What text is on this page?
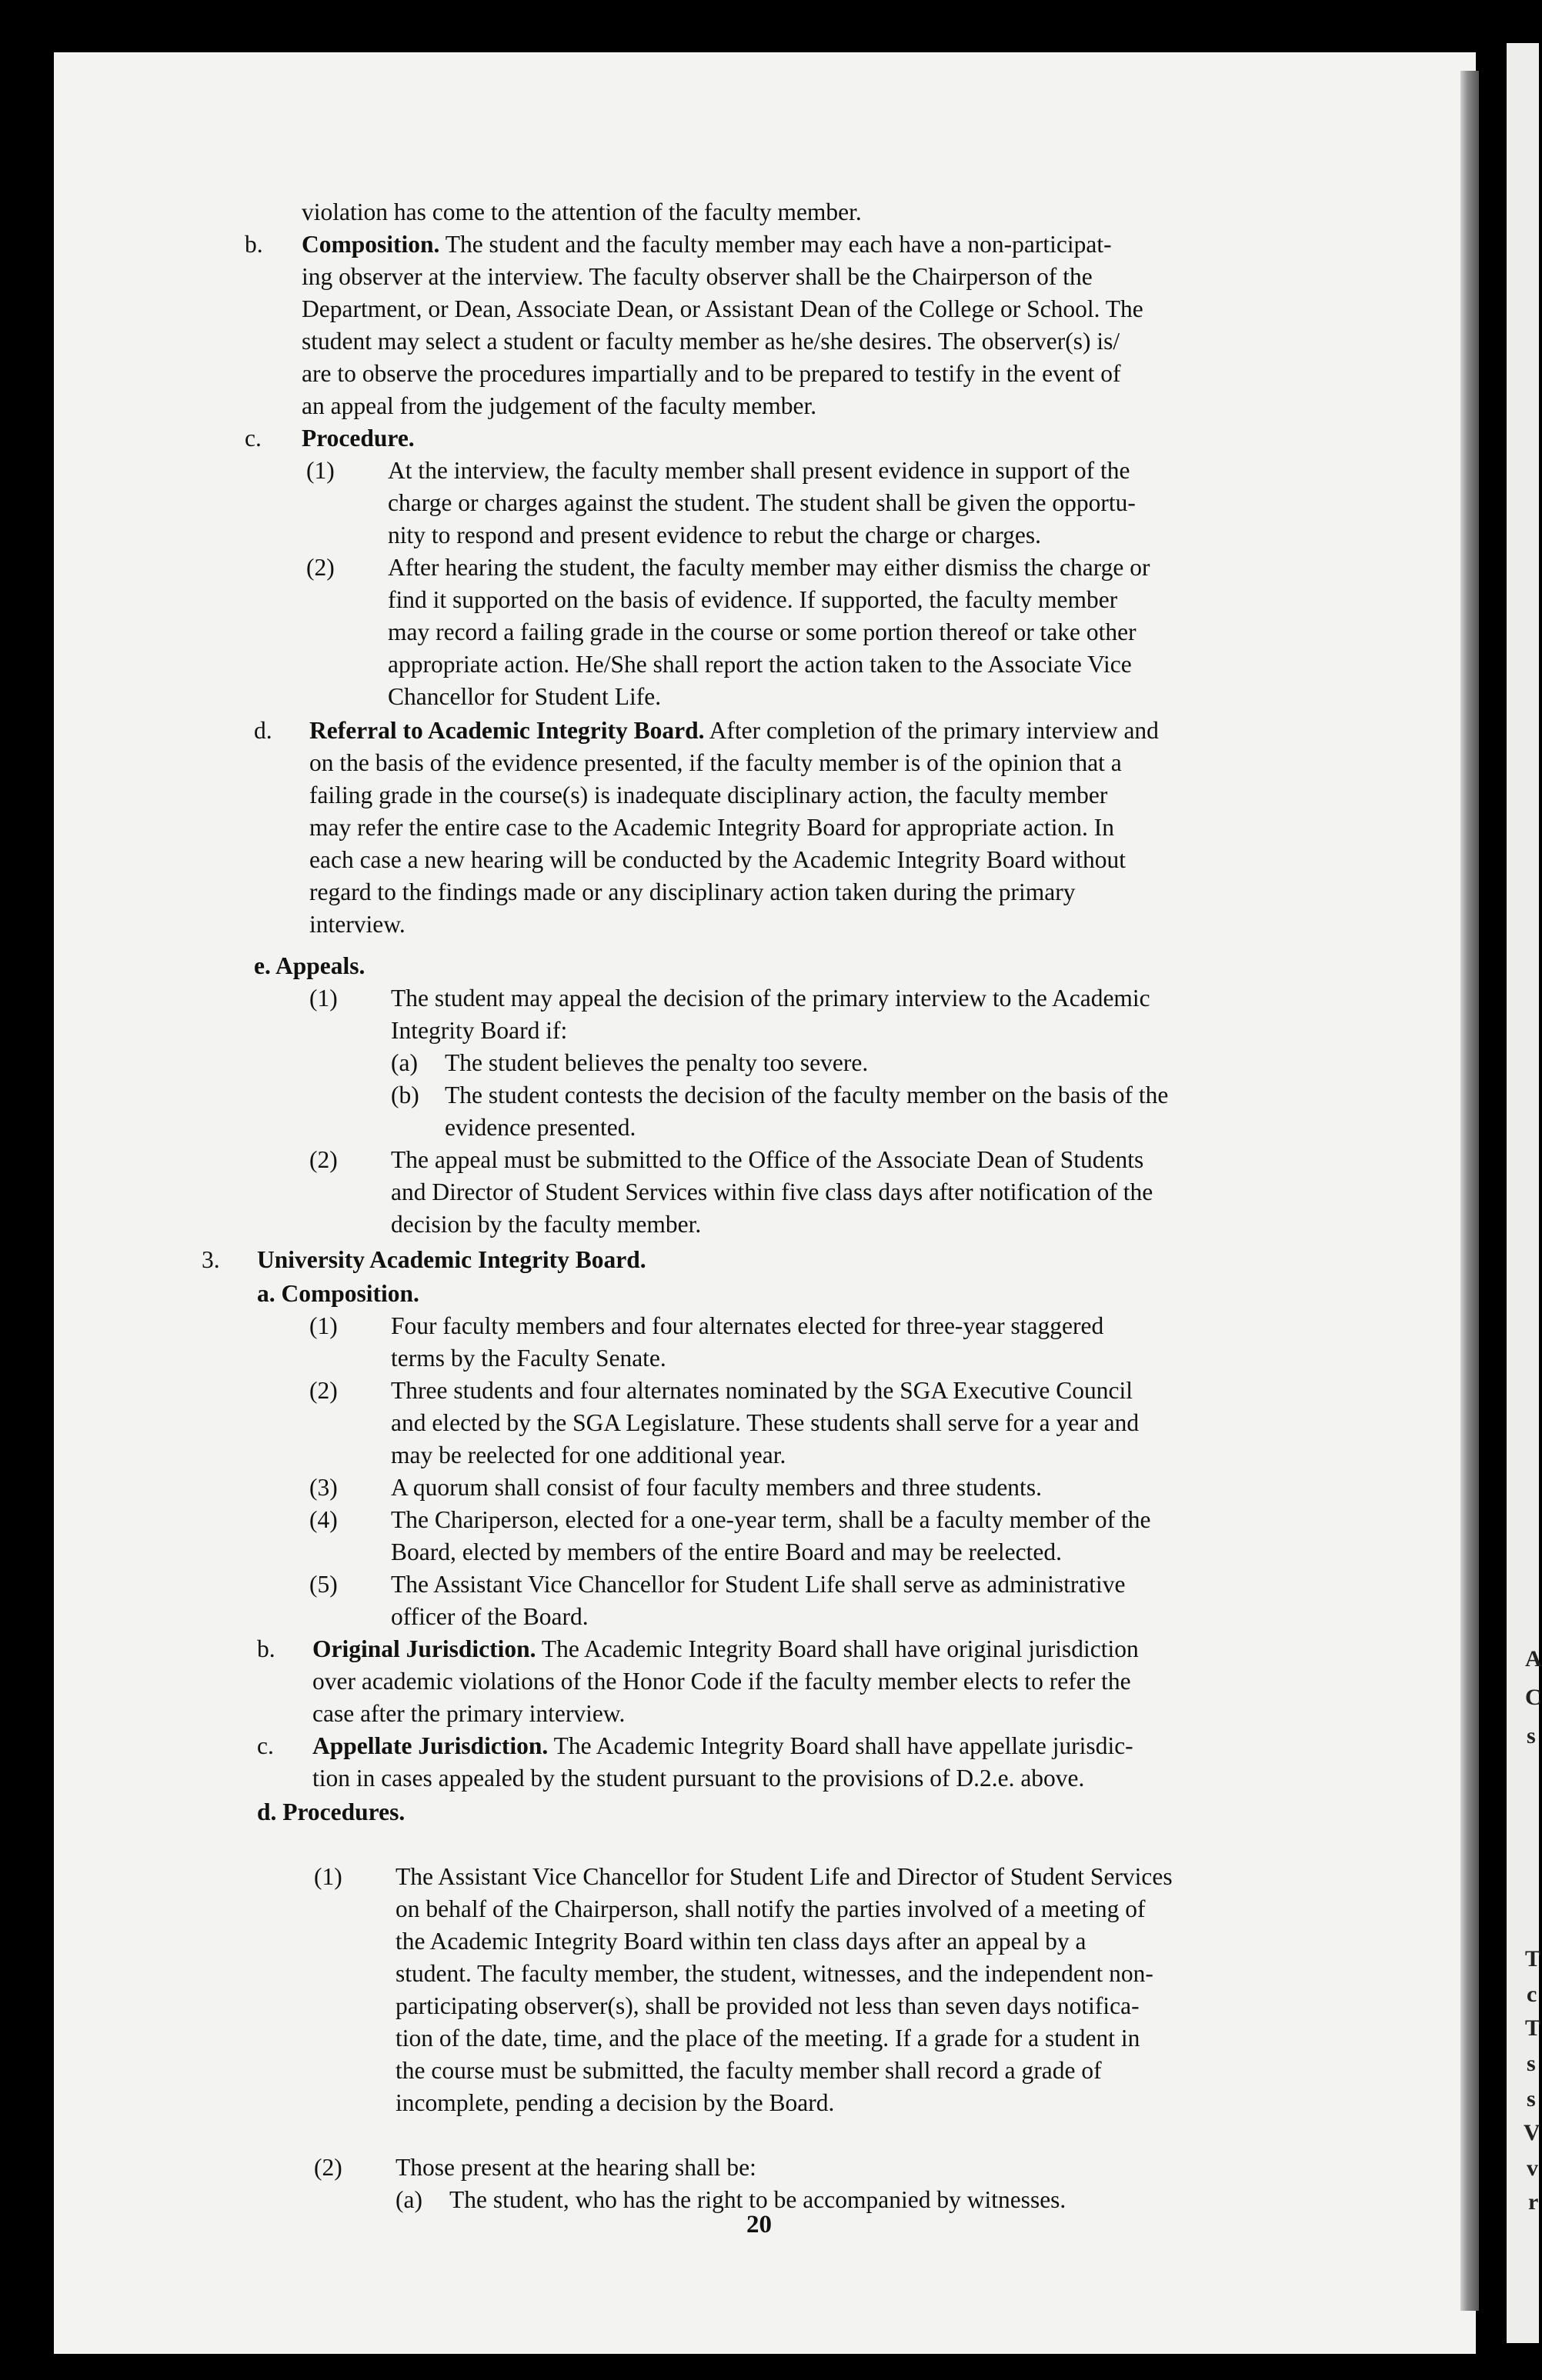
violation has come to the attention of the faculty member.
b. Composition. The student and the faculty member may each have a non-participat-
ing observer at the interview. The faculty observer shall be the Chairperson of the
Department, or Dean, Associate Dean, or Assistant Dean of the College or School. The
student may select a student or faculty member as he/she desires. The observer(s) is/
are to observe the procedures impartially and to be prepared to testify in the event of
an appeal from the judgement of the faculty member.
c. Procedure.
(1) At the interview, the faculty member shall present evidence in support of the
charge or charges against the student. The student shall be given the opportu-
nity to respond and present evidence to rebut the charge or charges.
(2) After hearing the student, the faculty member may either dismiss the charge or
find it supported on the basis of evidence. If supported, the faculty member
may record a failing grade in the course or some portion thereof or take other
appropriate action. He/She shall report the action taken to the Associate Vice
Chancellor for Student Life.
d. Referral to Academic Integrity Board. After completion of the primary interview and
on the basis of the evidence presented, if the faculty member is of the opinion that a
failing grade in the course(s) is inadequate disciplinary action, the faculty member
may refer the entire case to the Academic Integrity Board for appropriate action. In
each case a new hearing will be conducted by the Academic Integrity Board without
regard to the findings made or any disciplinary action taken during the primary
interview.
e. Appeals.
(1) The student may appeal the decision of the primary interview to the Academic
Integrity Board if:
(a) The student believes the penalty too severe.
(b) The student contests the decision of the faculty member on the basis of the
evidence presented.
(2) The appeal must be submitted to the Office of the Associate Dean of Students
and Director of Student Services within five class days after notification of the
decision by the faculty member.
3. University Academic Integrity Board.
a. Composition.
(1) Four faculty members and four alternates elected for three-year staggered
terms by the Faculty Senate.
(2) Three students and four alternates nominated by the SGA Executive Council
and elected by the SGA Legislature. These students shall serve for a year and
may be reelected for one additional year.
(3) A quorum shall consist of four faculty members and three students.
(4) The Chariperson, elected for a one-year term, shall be a faculty member of the
Board, elected by members of the entire Board and may be reelected.
(5) The Assistant Vice Chancellor for Student Life shall serve as administrative
officer of the Board.
b. Original Jurisdiction. The Academic Integrity Board shall have original jurisdiction
over academic violations of the Honor Code if the faculty member elects to refer the
case after the primary interview.
c. Appellate Jurisdiction. The Academic Integrity Board shall have appellate jurisdic-
tion in cases appealed by the student pursuant to the provisions of D.2.e. above.
d. Procedures.
(1) The Assistant Vice Chancellor for Student Life and Director of Student Services
on behalf of the Chairperson, shall notify the parties involved of a meeting of
the Academic Integrity Board within ten class days after an appeal by a
student. The faculty member, the student, witnesses, and the independent non-
participating observer(s), shall be provided not less than seven days notifica-
tion of the date, time, and the place of the meeting. If a grade for a student in
the course must be submitted, the faculty member shall record a grade of
incomplete, pending a decision by the Board.
(2) Those present at the hearing shall be:
(a) The student, who has the right to be accompanied by witnesses.
20
A
C
s
T
c
T
s
s
V
v
r
